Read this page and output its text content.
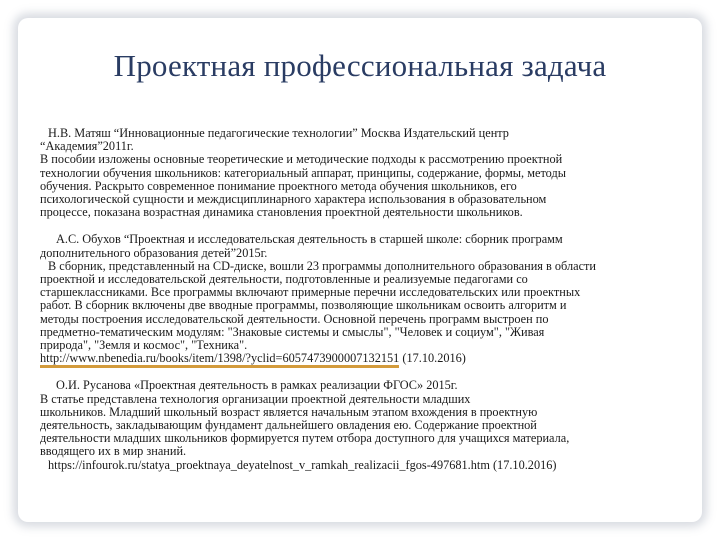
Проектная профессиональная задача
Н.В. Матяш “Инновационные педагогические технологии” Москва Издательский центр
“Академия”2011г.
В пособии изложены основные теоретические и методические подходы к рассмотрению проектной
технологии обучения школьников: категориальный аппарат, принципы, содержание, формы, методы
обучения. Раскрыто современное понимание проектного метода обучения школьников, его
психологической сущности и междисциплинарного характера использования в образовательном
процессе, показана возрастная динамика становления проектной деятельности школьников.
А.С. Обухов “Проектная и исследовательская деятельность в старшей школе: сборник программ
дополнительного образования детей”2015г.
В сборник, представленный на CD-диске, вошли 23 программы дополнительного образования в области
проектной и исследовательской деятельности, подготовленные и реализуемые педагогами со
старшеклассниками. Все программы включают примерные перечни исследовательских или проектных
работ. В сборник включены две вводные программы, позволяющие школьникам освоить алгоритм и
методы построения исследовательской деятельности. Основной перечень программ выстроен по
предметно-тематическим модулям: "Знаковые системы и смыслы", "Человек и социум", "Живая
природа", "Земля и космос", "Техника".
http://www.nbenedia.ru/books/item/1398/?yclid=6057473900007132151 (17.10.2016)
О.И. Русанова «Проектная деятельность в рамках реализации ФГОС» 2015г.
В статье представлена технология организации проектной деятельности младших
школьников. Младший школьный возраст является начальным этапом вхождения в проектную
деятельность, закладывающим фундамент дальнейшего овладения ею. Содержание проектной
деятельности младших школьников формируется путем отбора доступного для учащихся материала,
вводящего их в мир знаний.
https://infourok.ru/statya_proektnaya_deyatelnost_v_ramkah_realizacii_fgos-497681.htm (17.10.2016)
